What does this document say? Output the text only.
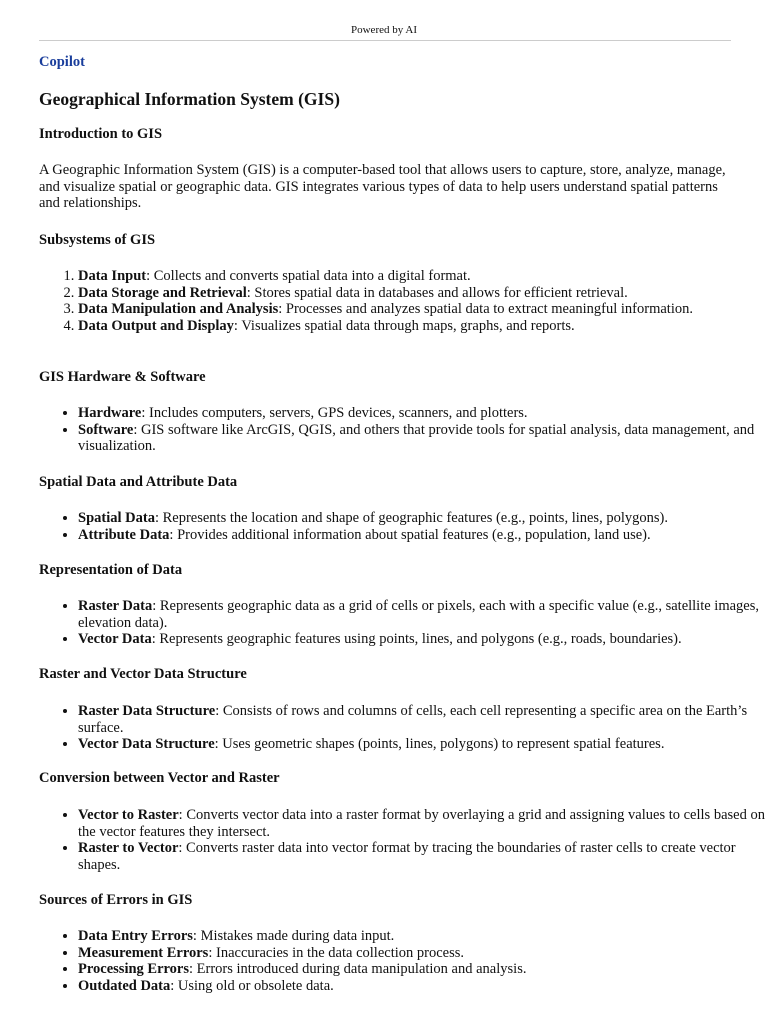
Powered by AI
Copilot
Geographical Information System (GIS)
Introduction to GIS
A Geographic Information System (GIS) is a computer-based tool that allows users to capture, store, analyze, manage, and visualize spatial or geographic data. GIS integrates various types of data to help users understand spatial patterns and relationships.
Subsystems of GIS
1. Data Input: Collects and converts spatial data into a digital format.
2. Data Storage and Retrieval: Stores spatial data in databases and allows for efficient retrieval.
3. Data Manipulation and Analysis: Processes and analyzes spatial data to extract meaningful information.
4. Data Output and Display: Visualizes spatial data through maps, graphs, and reports.
GIS Hardware & Software
• Hardware: Includes computers, servers, GPS devices, scanners, and plotters.
• Software: GIS software like ArcGIS, QGIS, and others that provide tools for spatial analysis, data management, and visualization.
Spatial Data and Attribute Data
• Spatial Data: Represents the location and shape of geographic features (e.g., points, lines, polygons).
• Attribute Data: Provides additional information about spatial features (e.g., population, land use).
Representation of Data
• Raster Data: Represents geographic data as a grid of cells or pixels, each with a specific value (e.g., satellite images, elevation data).
• Vector Data: Represents geographic features using points, lines, and polygons (e.g., roads, boundaries).
Raster and Vector Data Structure
• Raster Data Structure: Consists of rows and columns of cells, each cell representing a specific area on the Earth’s surface.
• Vector Data Structure: Uses geometric shapes (points, lines, polygons) to represent spatial features.
Conversion between Vector and Raster
• Vector to Raster: Converts vector data into a raster format by overlaying a grid and assigning values to cells based on the vector features they intersect.
• Raster to Vector: Converts raster data into vector format by tracing the boundaries of raster cells to create vector shapes.
Sources of Errors in GIS
• Data Entry Errors: Mistakes made during data input.
• Measurement Errors: Inaccuracies in the data collection process.
• Processing Errors: Errors introduced during data manipulation and analysis.
• Outdated Data: Using old or obsolete data.
